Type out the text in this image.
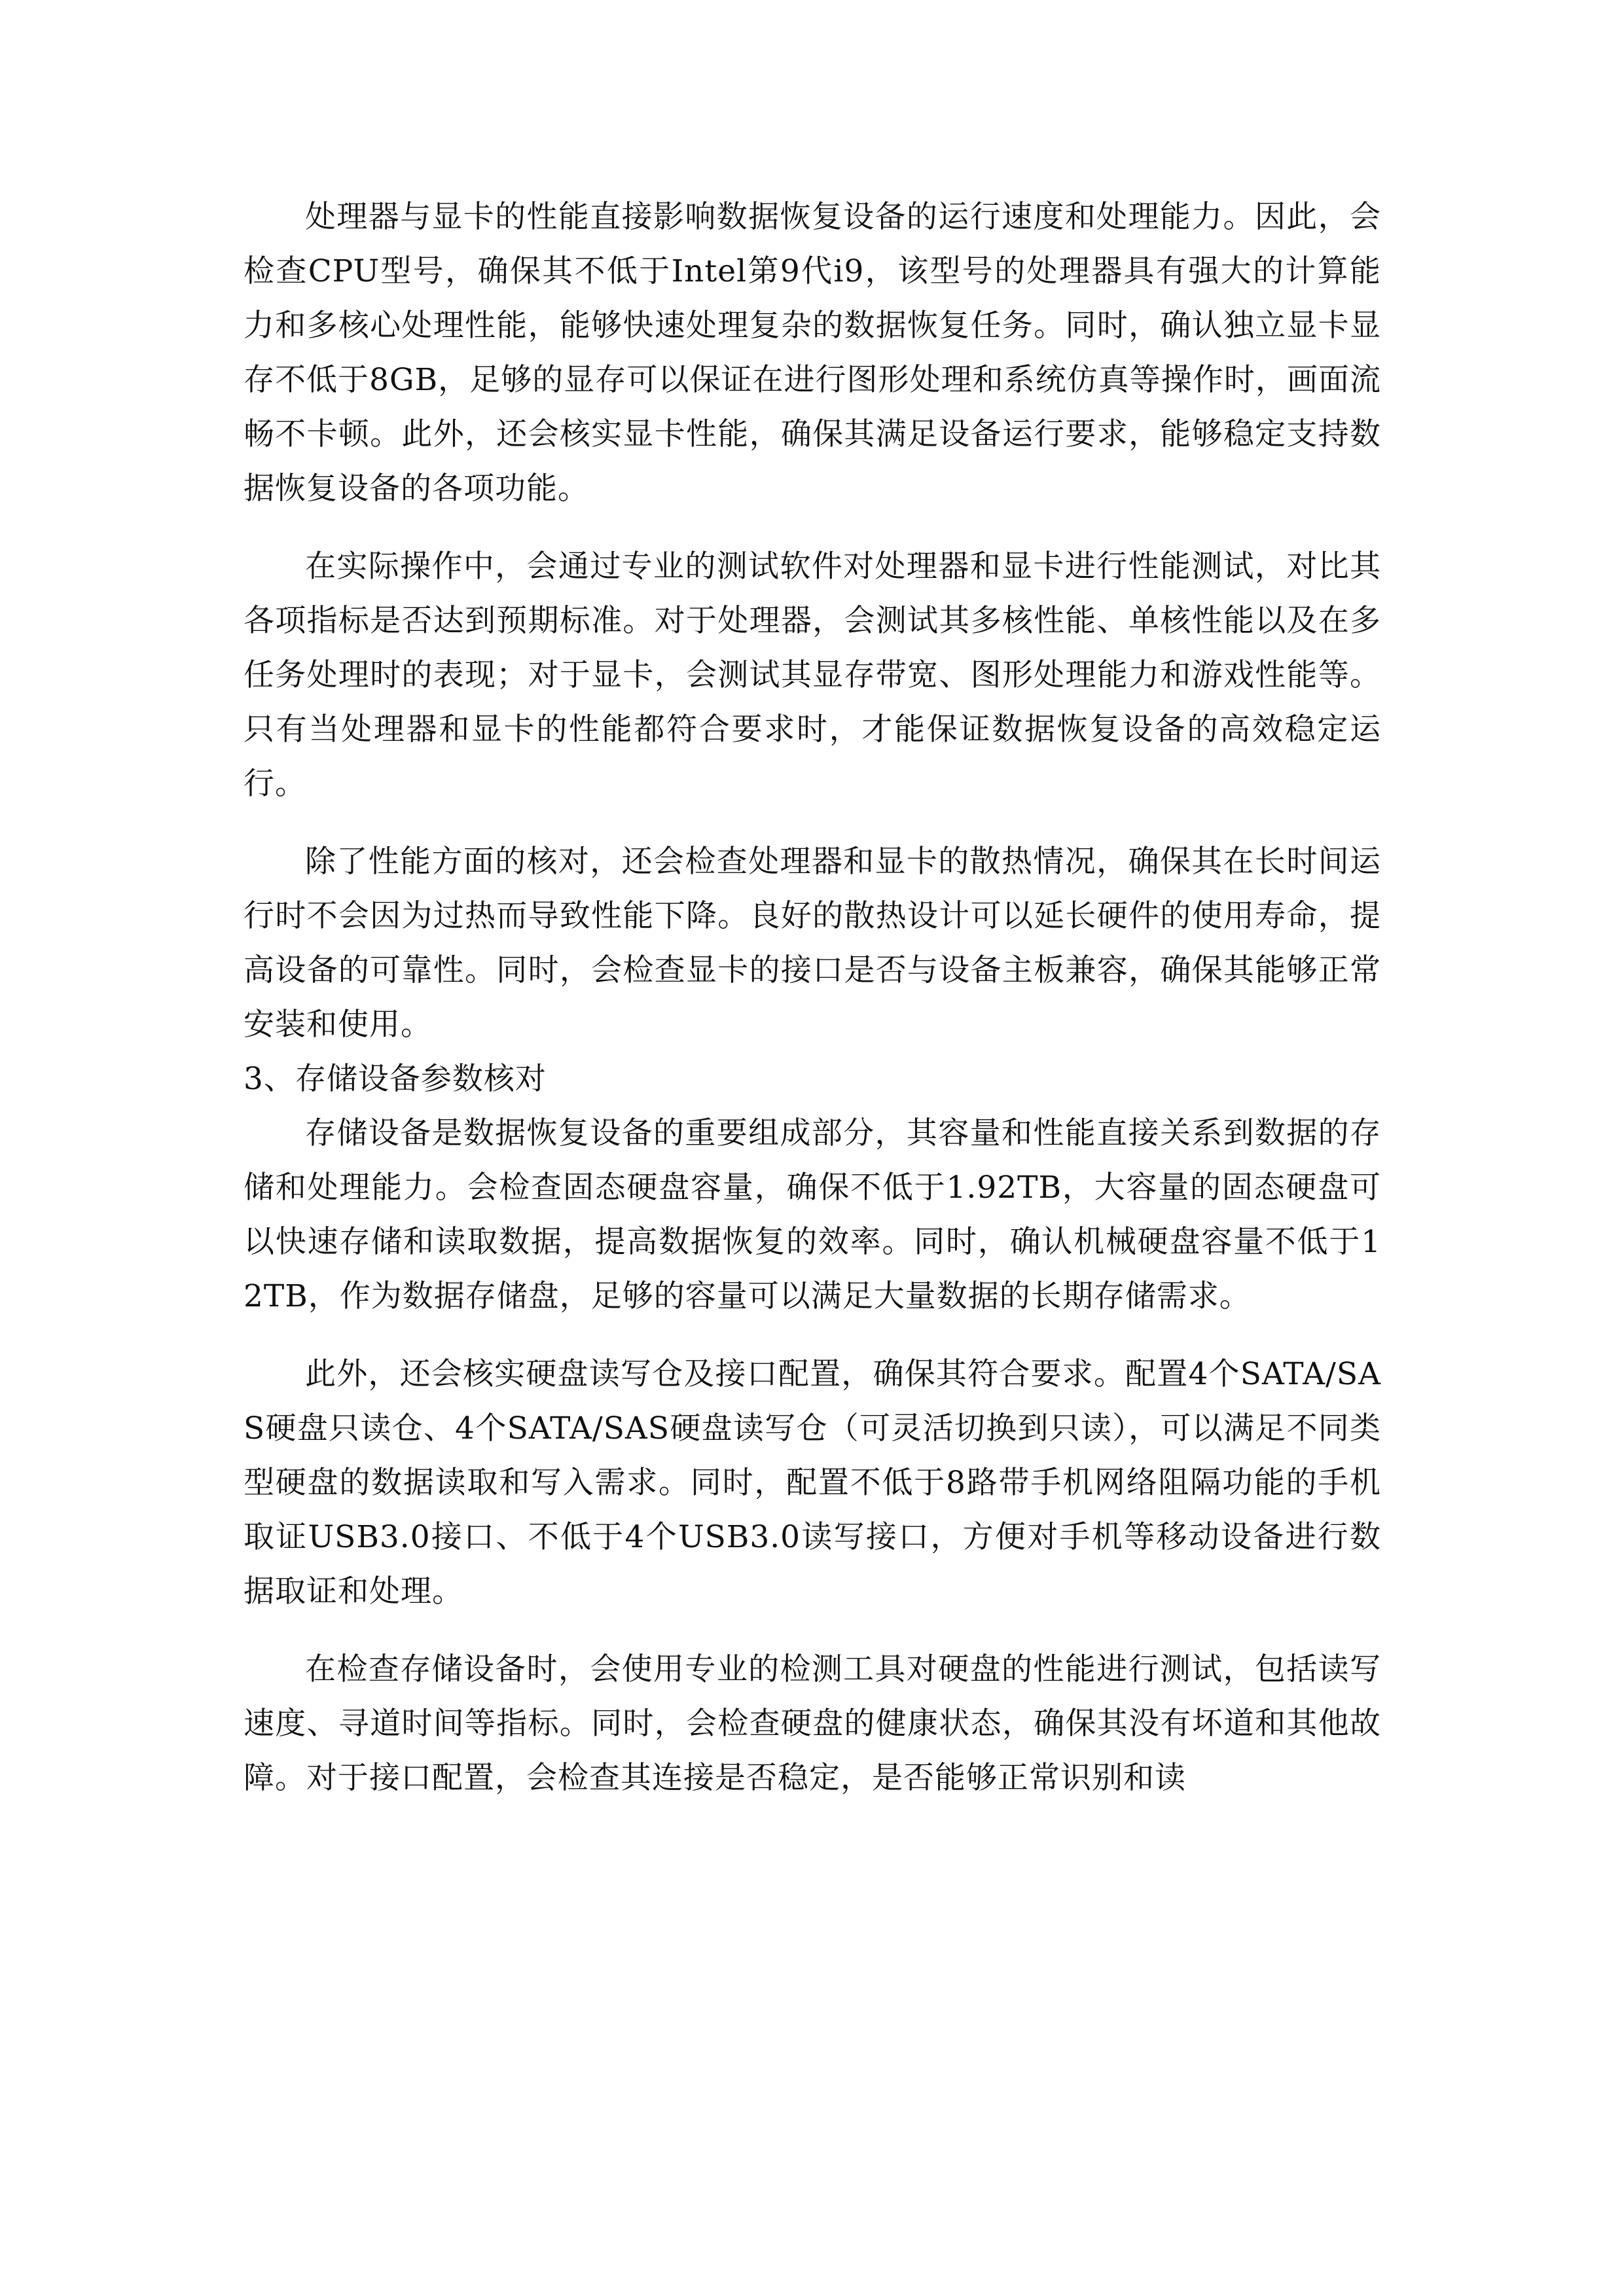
处理器与显卡的性能直接影响数据恢复设备的运行速度和处理能力。因此，会检查CPU型号，确保其不低于Intel第9代i9，该型号的处理器具有强大的计算能力和多核心处理性能，能够快速处理复杂的数据恢复任务。同时，确认独立显卡显存不低于8GB，足够的显存可以保证在进行图形处理和系统仿真等操作时，画面流畅不卡顿。此外，还会核实显卡性能，确保其满足设备运行要求，能够稳定支持数据恢复设备的各项功能。

在实际操作中，会通过专业的测试软件对处理器和显卡进行性能测试，对比其各项指标是否达到预期标准。对于处理器，会测试其多核性能、单核性能以及在多任务处理时的表现；对于显卡，会测试其显存带宽、图形处理能力和游戏性能等。只有当处理器和显卡的性能都符合要求时，才能保证数据恢复设备的高效稳定运行。

除了性能方面的核对，还会检查处理器和显卡的散热情况，确保其在长时间运行时不会因为过热而导致性能下降。良好的散热设计可以延长硬件的使用寿命，提高设备的可靠性。同时，会检查显卡的接口是否与设备主板兼容，确保其能够正常安装和使用。

3、存储设备参数核对

存储设备是数据恢复设备的重要组成部分，其容量和性能直接关系到数据的存储和处理能力。会检查固态硬盘容量，确保不低于1.92TB，大容量的固态硬盘可以快速存储和读取数据，提高数据恢复的效率。同时，确认机械硬盘容量不低于12TB，作为数据存储盘，足够的容量可以满足大量数据的长期存储需求。

此外，还会核实硬盘读写仓及接口配置，确保其符合要求。配置4个SATA/SAS硬盘只读仓、4个SATA/SAS硬盘读写仓（可灵活切换到只读），可以满足不同类型硬盘的数据读取和写入需求。同时，配置不低于8路带手机网络阻隔功能的手机取证USB3.0接口、不低于4个USB3.0读写接口，方便对手机等移动设备进行数据取证和处理。

在检查存储设备时，会使用专业的检测工具对硬盘的性能进行测试，包括读写速度、寻道时间等指标。同时，会检查硬盘的健康状态，确保其没有坏道和其他故障。对于接口配置，会检查其连接是否稳定，是否能够正常识别和读
